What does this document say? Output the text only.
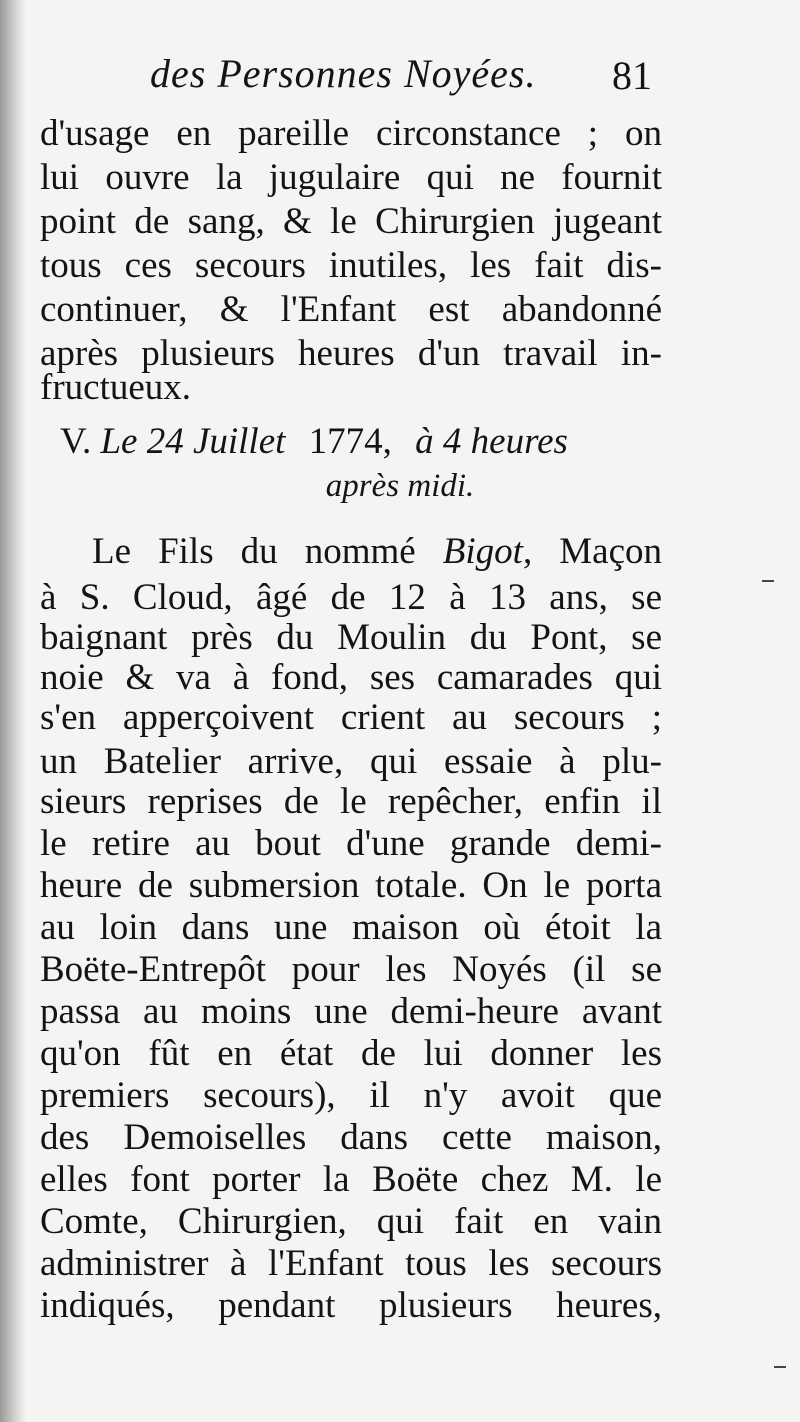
des Personnes Noyées. 81
d'usage en pareille circonstance ; on
lui ouvre la jugulaire qui ne fournit
point de sang, & le Chirurgien jugeant
tous ces secours inutiles, les fait dis-
continuer, & l'Enfant est abandonné
après plusieurs heures d'un travail in-
fructueux.
V. Le 24 Juillet 1774, à 4 heures
après midi.
Le Fils du nommé Bigot, Maçon
à S. Cloud, âgé de 12 à 13 ans, se
baignant près du Moulin du Pont, se
noie & va à fond, ses camarades qui
s'en apperçoivent crient au secours ;
un Batelier arrive, qui essaie à plu-
sieurs reprises de le repêcher, enfin il
le retire au bout d'une grande demi-
heure de submersion totale. On le porta
au loin dans une maison où étoit la
Boëte-Entrepôt pour les Noyés (il se
passa au moins une demi-heure avant
qu'on fût en état de lui donner les
premiers secours), il n'y avoit que
des Demoiselles dans cette maison,
elles font porter la Boëte chez M. le
Comte, Chirurgien, qui fait en vain
administrer à l'Enfant tous les secours
indiqués, pendant plusieurs heures,
